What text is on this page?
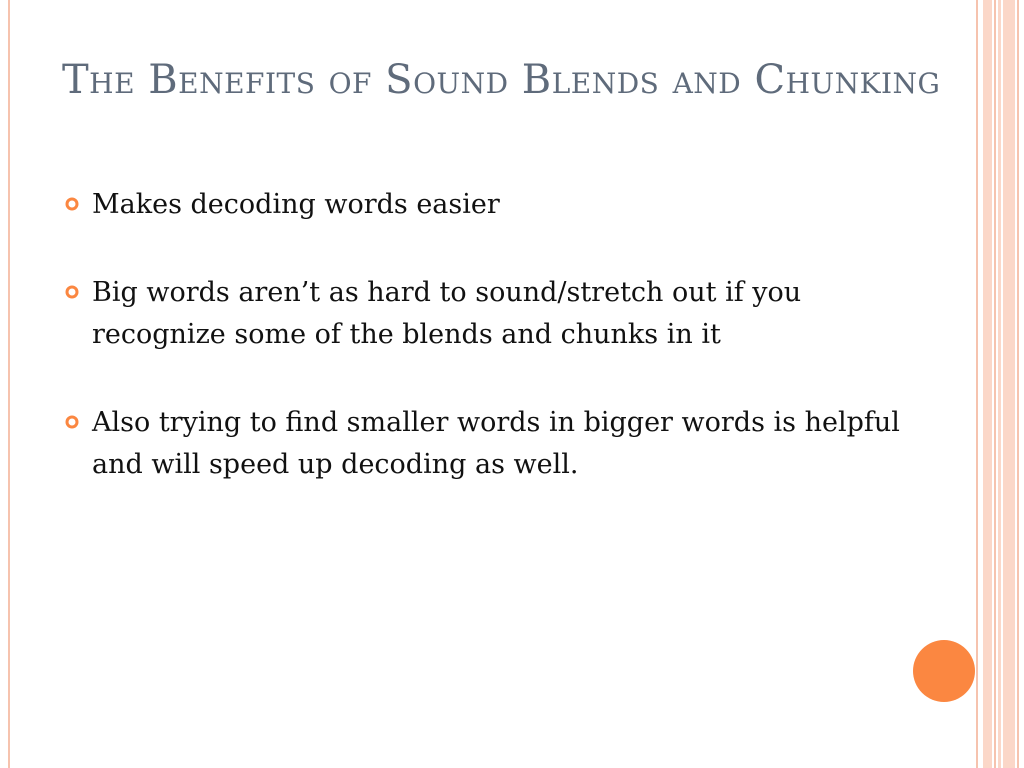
The Benefits of Sound Blends and Chunking
Makes decoding words easier
Big words aren’t as hard to sound/stretch out if you recognize some of the blends and chunks in it
Also trying to find smaller words in bigger words is helpful and will speed up decoding as well.
